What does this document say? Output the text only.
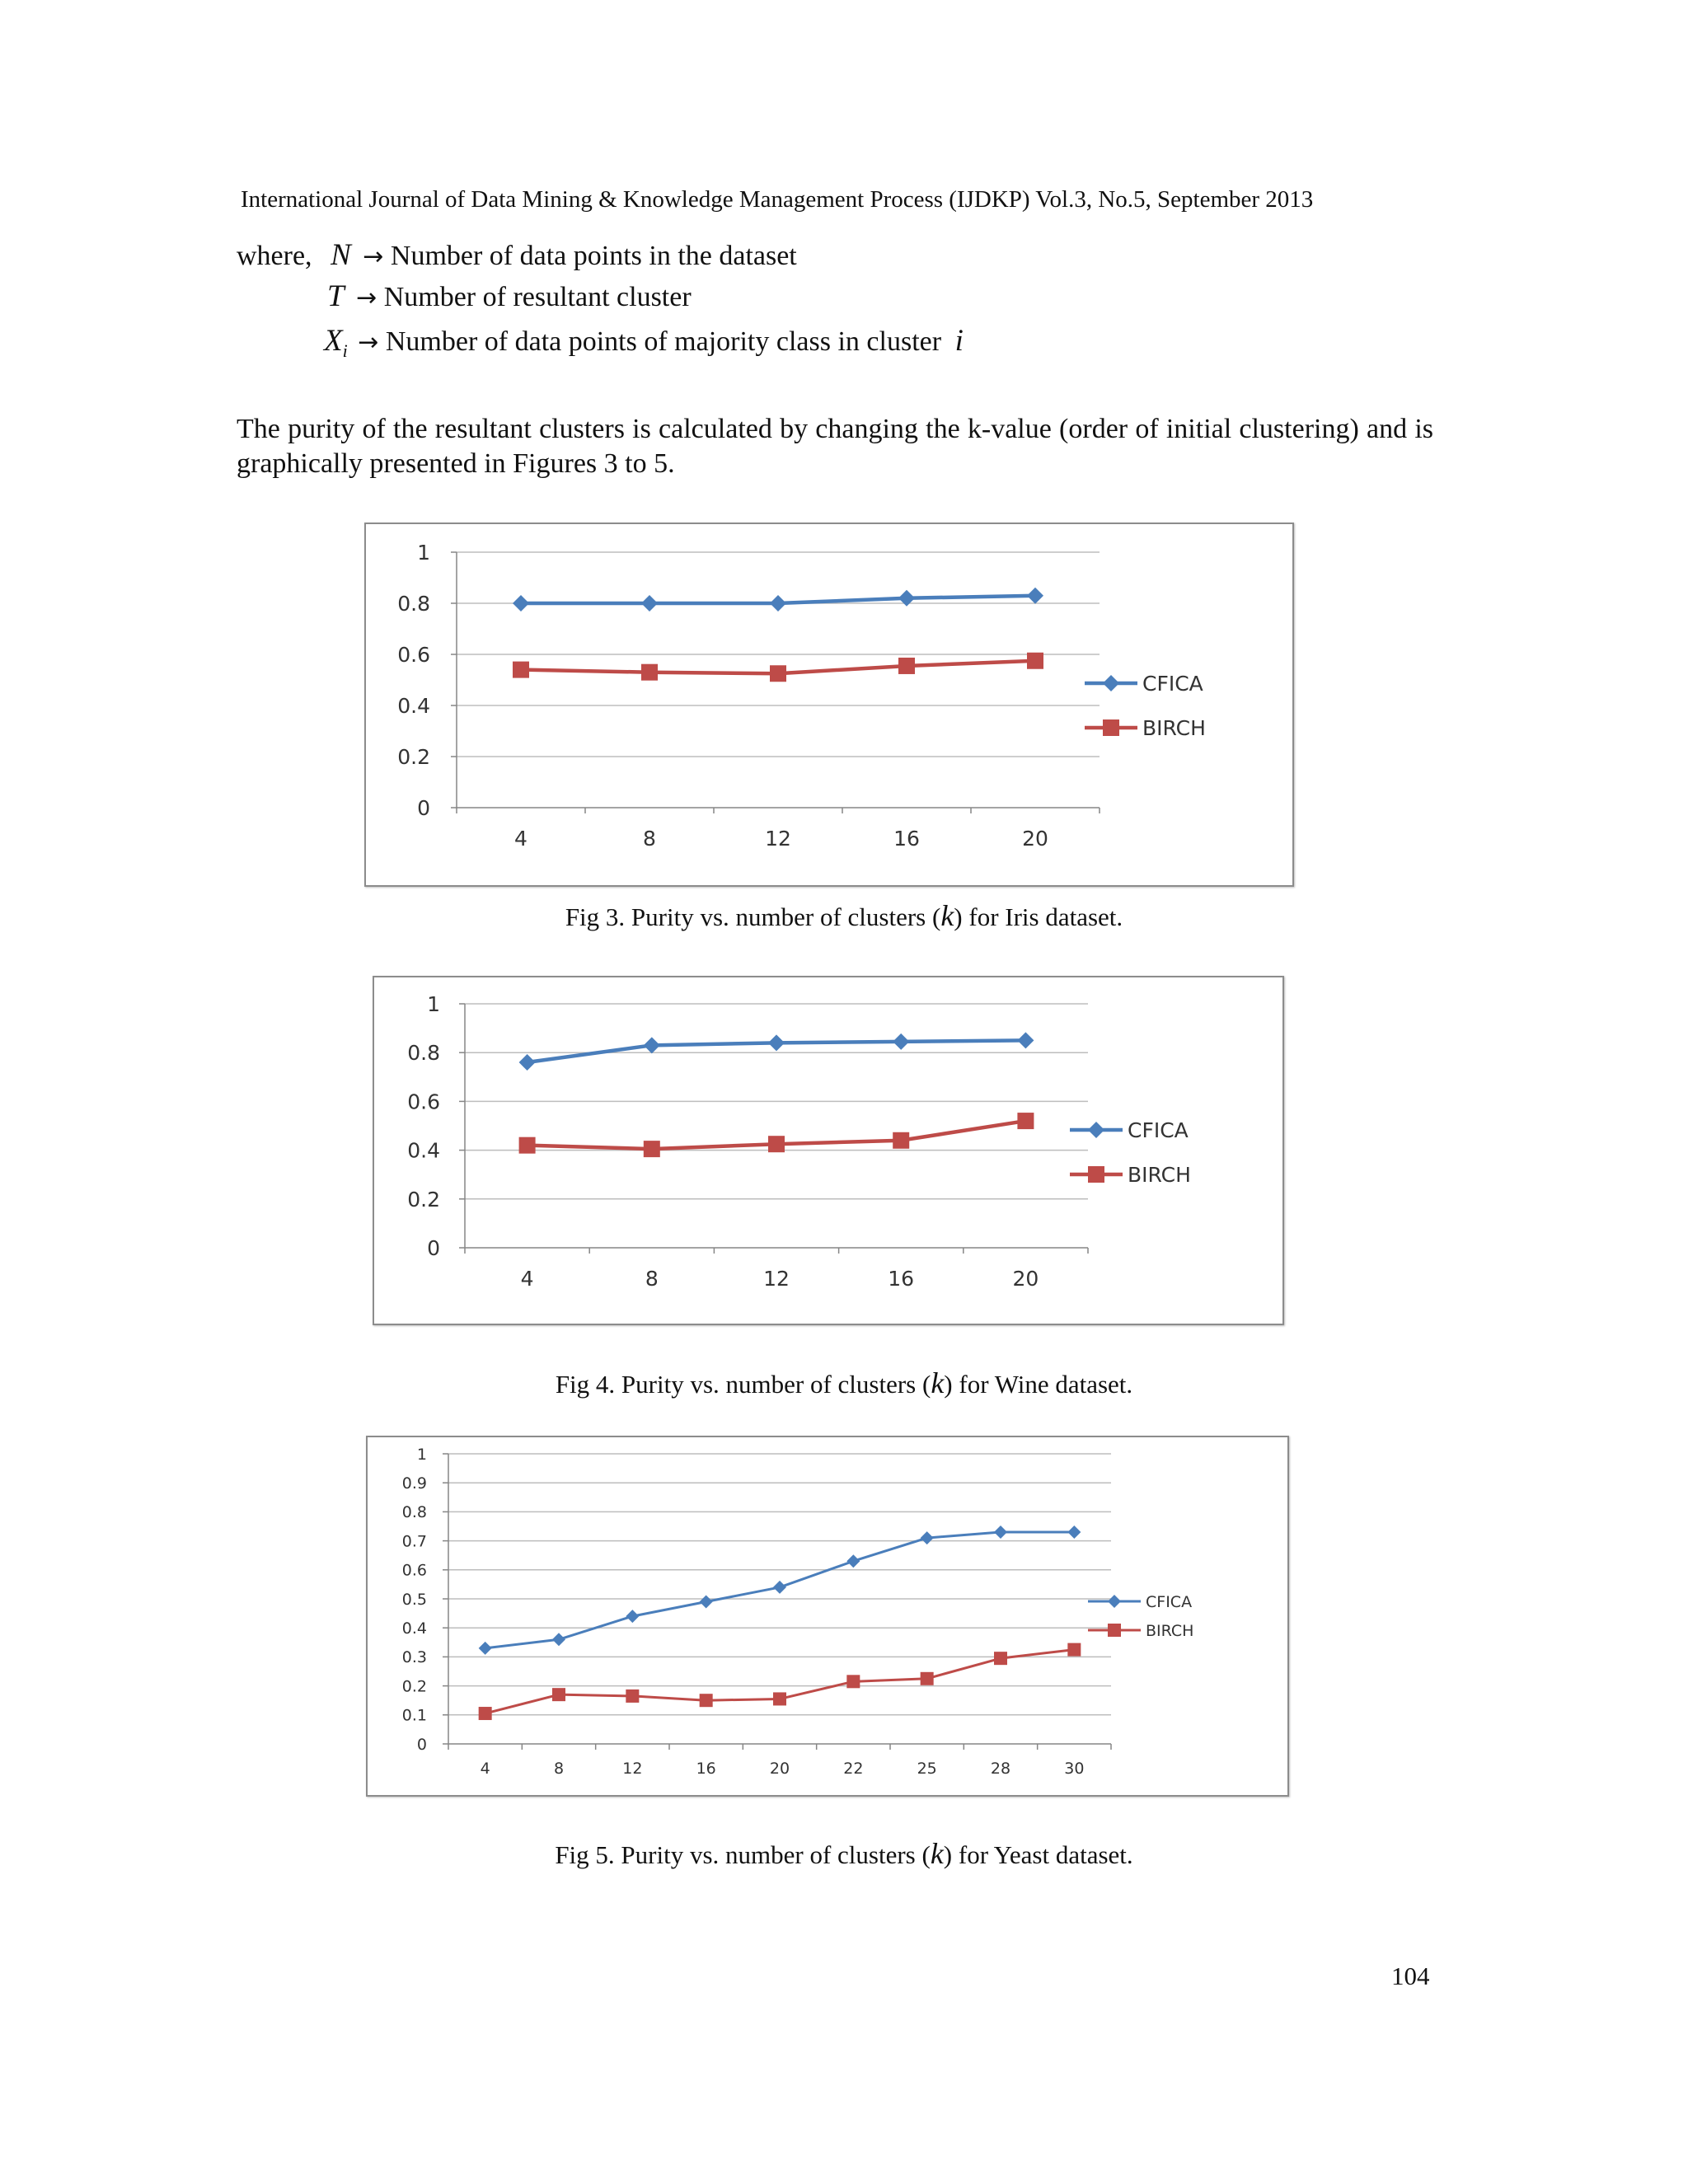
International Journal of Data Mining & Knowledge Management Process (IJDKP) Vol.3, No.5, September 2013
where, N → Number of data points in the dataset
T → Number of resultant cluster
$X_i$ → Number of data points of majority class in cluster i
The purity of the resultant clusters is calculated by changing the k-value (order of initial clustering) and is graphically presented in Figures 3 to 5.
0
0.2
0.4
0.6
0.8
1
4	8	12	16	20
CFICA
BIRCH
Fig 3. Purity vs. number of clusters (k) for Iris dataset.
0
0.2
0.4
0.6
0.8
1
4	8	12	16	20
CFICA
BIRCH
Fig 4. Purity vs. number of clusters (k) for Wine dataset.
0
0.1
0.2
0.3
0.4
0.5
0.6
0.7
0.8
0.9
1
4	8	12	16	20	22	25	28	30
CFICA
BIRCH
Fig 5. Purity vs. number of clusters (k) for Yeast dataset.
104
